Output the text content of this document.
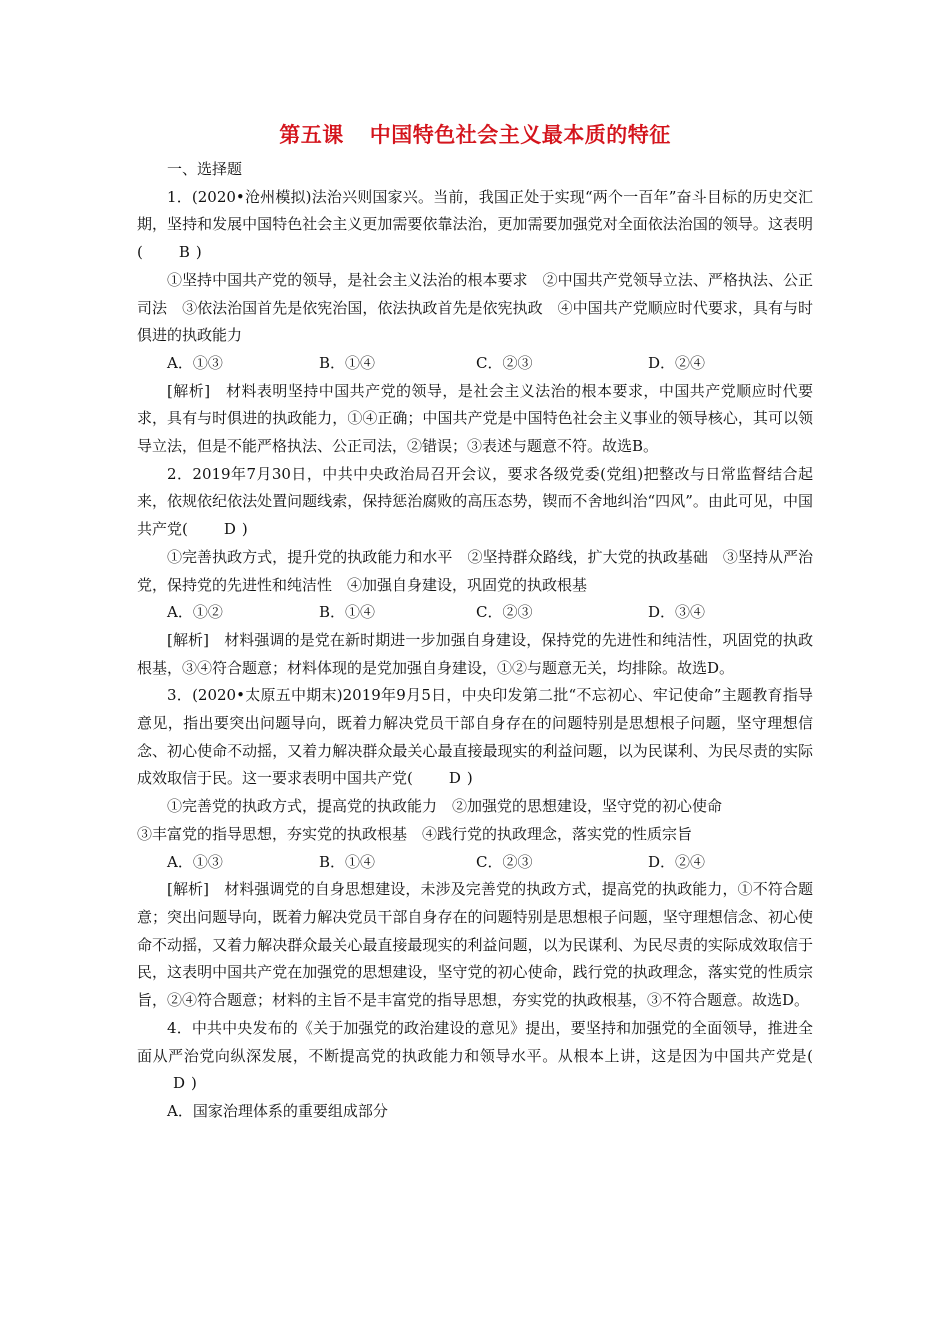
第五课 中国特色社会主义最本质的特征

一、选择题

1．(2020•沧州模拟)法治兴则国家兴。当前，我国正处于实现“两个一百年”奋斗目标的历史交汇期，坚持和发展中国特色社会主义更加需要依靠法治，更加需要加强党对全面依法治国的领导。这表明( B )

①坚持中国共产党的领导，是社会主义法治的根本要求　②中国共产党领导立法、严格执法、公正司法　③依法治国首先是依宪治国，依法执政首先是依宪执政　④中国共产党顺应时代要求，具有与时俱进的执政能力

A．①③	B．①④	C．②③	D．②④

[解析]　材料表明坚持中国共产党的领导，是社会主义法治的根本要求，中国共产党顺应时代要求，具有与时俱进的执政能力，①④正确；中国共产党是中国特色社会主义事业的领导核心，其可以领导立法，但是不能严格执法、公正司法，②错误；③表述与题意不符。故选B。

2．2019年7月30日，中共中央政治局召开会议，要求各级党委(党组)把整改与日常监督结合起来，依规依纪依法处置问题线索，保持惩治腐败的高压态势，锲而不舍地纠治“四风”。由此可见，中国共产党( D )

①完善执政方式，提升党的执政能力和水平　②坚持群众路线，扩大党的执政基础　③坚持从严治党，保持党的先进性和纯洁性　④加强自身建设，巩固党的执政根基

A．①②	B．①④	C．②③	D．③④

[解析]　材料强调的是党在新时期进一步加强自身建设，保持党的先进性和纯洁性，巩固党的执政根基，③④符合题意；材料体现的是党加强自身建设，①②与题意无关，均排除。故选D。

3．(2020•太原五中期末)2019年9月5日，中央印发第二批“不忘初心、牢记使命”主题教育指导意见，指出要突出问题导向，既着力解决党员干部自身存在的问题特别是思想根子问题，坚守理想信念、初心使命不动摇，又着力解决群众最关心最直接最现实的利益问题，以为民谋利、为民尽责的实际成效取信于民。这一要求表明中国共产党( D )

①完善党的执政方式，提高党的执政能力　②加强党的思想建设，坚守党的初心使命

③丰富党的指导思想，夯实党的执政根基　④践行党的执政理念，落实党的性质宗旨

A．①③	B．①④	C．②③	D．②④

[解析]　材料强调党的自身思想建设，未涉及完善党的执政方式，提高党的执政能力，①不符合题意；突出问题导向，既着力解决党员干部自身存在的问题特别是思想根子问题，坚守理想信念、初心使命不动摇，又着力解决群众最关心最直接最现实的利益问题，以为民谋利、为民尽责的实际成效取信于民，这表明中国共产党在加强党的思想建设，坚守党的初心使命，践行党的执政理念，落实党的性质宗旨，②④符合题意；材料的主旨不是丰富党的指导思想，夯实党的执政根基，③不符合题意。故选D。

4．中共中央发布的《关于加强党的政治建设的意见》提出，要坚持和加强党的全面领导，推进全面从严治党向纵深发展，不断提高党的执政能力和领导水平。从根本上讲，这是因为中国共产党是(D )

A．国家治理体系的重要组成部分
